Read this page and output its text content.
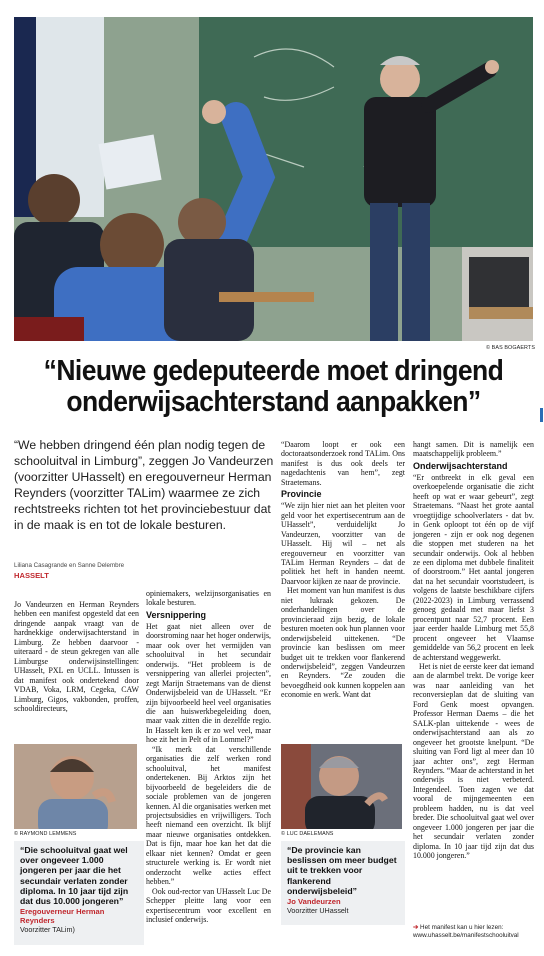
© BAS BOGAERTS
“Nieuwe gedeputeerde moet dringend
onderwijsachterstand aanpakken”
“We hebben dringend één plan nodig tegen de schooluitval in Limburg”, zeggen Jo Vandeurzen (voorzitter UHasselt) en eregouverneur Herman Reynders (voorzitter TALim) waarmee ze zich rechtstreeks richten tot het provinciebestuur dat in de maak is en tot de lokale besturen.
Liliana Casagrande en Sanne Delembre
HASSELT

Jo Vandeurzen en Herman Reynders hebben een manifest opgesteld dat een dringende aanpak vraagt van de hardnekkige onderwijsachterstand in Limburg. Ze hebben daarvoor - uiteraard - de steun gekregen van alle Limburgse onderwijsinstellingen: UHasselt, PXL en UCLL. Intussen is dat manifest ook ondertekend door VDAB, Voka, LRM, Cegeka, CAW Limburg, Gigos, vakbonden, proffen, schooldirecteurs,

© RAYMOND LEMMENS
“Die schooluitval gaat wel over ongeveer 1.000 jongeren per jaar die het secundair verlaten zonder diploma. In 10 jaar tijd zijn dat dus 10.000 jongeren”
Eregouverneur Herman Reynders
Voorzitter TALim)

opiniemakers, welzijnsorganisaties en lokale besturen.

Versnippering

Het gaat niet alleen over de doorstroming naar het hoger onderwijs, maar ook over het vermijden van schooluitval in het secundair onderwijs. “Het probleem is de versnippering van allerlei projecten”, zegt Marijn Straetemans van de dienst Onderwijsbeleid van de UHasselt. “Er zijn bijvoorbeeld heel veel organisaties die aan huiswerkbegeleiding doen, maar vaak zitten die in dezelfde regio. In Hasselt ken ik er zo wel veel, maar hoe zit het in Pelt of in Lommel?”

“Ik merk dat verschillende organisaties die zelf werken rond schooluitval, het manifest ondertekenen. Bij Arktos zijn het bijvoorbeeld de begeleiders die de sociale problemen van de jongeren kennen. Al die organisaties werken met projectsubsidies en vrijwilligers. Toch heeft niemand een overzicht. Ik blijf maar nieuwe organisaties ontdekken. Dat is fijn, maar hoe kan het dat die elkaar niet kennen? Omdat er geen structurele werking is. Er wordt niet onderzocht welke acties effect hebben.”

Ook oud-rector van UHasselt Luc De Schepper pleitte lang voor een expertisecentrum voor excellent en inclusief onderwijs.

“Daarom loopt er ook een doctoraatsonderzoek rond TALim. Ons manifest is dus ook deels ter nagedachtenis van hem”, zegt Straetemans.

Provincie

“We zijn hier niet aan het pleiten voor geld voor het expertisecentrum aan de UHasselt”, verduidelijkt Jo Vandeurzen, voorzitter van de UHasselt. Hij wil – net als eregouverneur en voorzitter van TALim Herman Reynders – dat de politiek het heft in handen neemt. Daarvoor kijken ze naar de provincie.

Het moment van hun manifest is dus niet lukraak gekozen. De onderhandelingen over de provincieraad zijn bezig, de lokale besturen moeten ook hun plannen voor onderwijsbeleid uittekenen. “De provincie kan beslissen om meer budget uit te trekken voor flankerend onderwijsbeleid”, zeggen Vandeurzen en Reynders. “Ze zouden die bevoegdheid ook kunnen koppelen aan economie en werk. Want dat

© LUC DAELEMANS
“De provincie kan beslissen om meer budget uit te trekken voor flankerend onderwijsbeleid”
Jo Vandeurzen
Voorzitter UHasselt

hangt samen. Dit is namelijk een maatschappelijk probleem.”

Onderwijsachterstand

“Er ontbreekt in elk geval een overkoepelende organisatie die zicht heeft op wat er waar gebeurt”, zegt Straetemans. “Naast het grote aantal vroegtijdige schoolverlaters - dat bv. in Genk oploopt tot één op de vijf jongeren - zijn er ook nog degenen die stoppen met studeren na het secundair onderwijs. Ook al hebben ze een diploma met dubbele finaliteit of doorstroom.” Het aantal jongeren dat na het secundair voortstudeert, is volgens de laatste beschikbare cijfers (2022-2023) in Limburg verrassend genoeg gedaald met maar liefst 3 procentpunt naar 52,7 procent. Een jaar eerder haalde Limburg met 55,8 procent ongeveer het Vlaamse gemiddelde van 56,2 procent en leek de achterstand weggewerkt.

Het is niet de eerste keer dat iemand aan de alarmbel trekt. De vorige keer was naar aanleiding van het reconversieplan dat de sluiting van Ford Genk moest opvangen. Professor Herman Daems – die het SALK-plan uittekende - wees de onderwijsachterstand aan als zo ongeveer het grootste knelpunt. “De sluiting van Ford ligt al meer dan 10 jaar achter ons”, zegt Herman Reynders. “Maar de achterstand in het onderwijs is niet verbeterd. Integendeel. Toen zagen we dat vooral de mijngemeenten een probleem hadden, nu is dat veel breder. Die schooluitval gaat wel over ongeveer 1.000 jongeren per jaar die het secundair verlaten zonder diploma. In 10 jaar tijd zijn dat dus 10.000 jongeren.”

➔ Het manifest kan u hier lezen:
www.uhasselt.be/manifestschooluitval
